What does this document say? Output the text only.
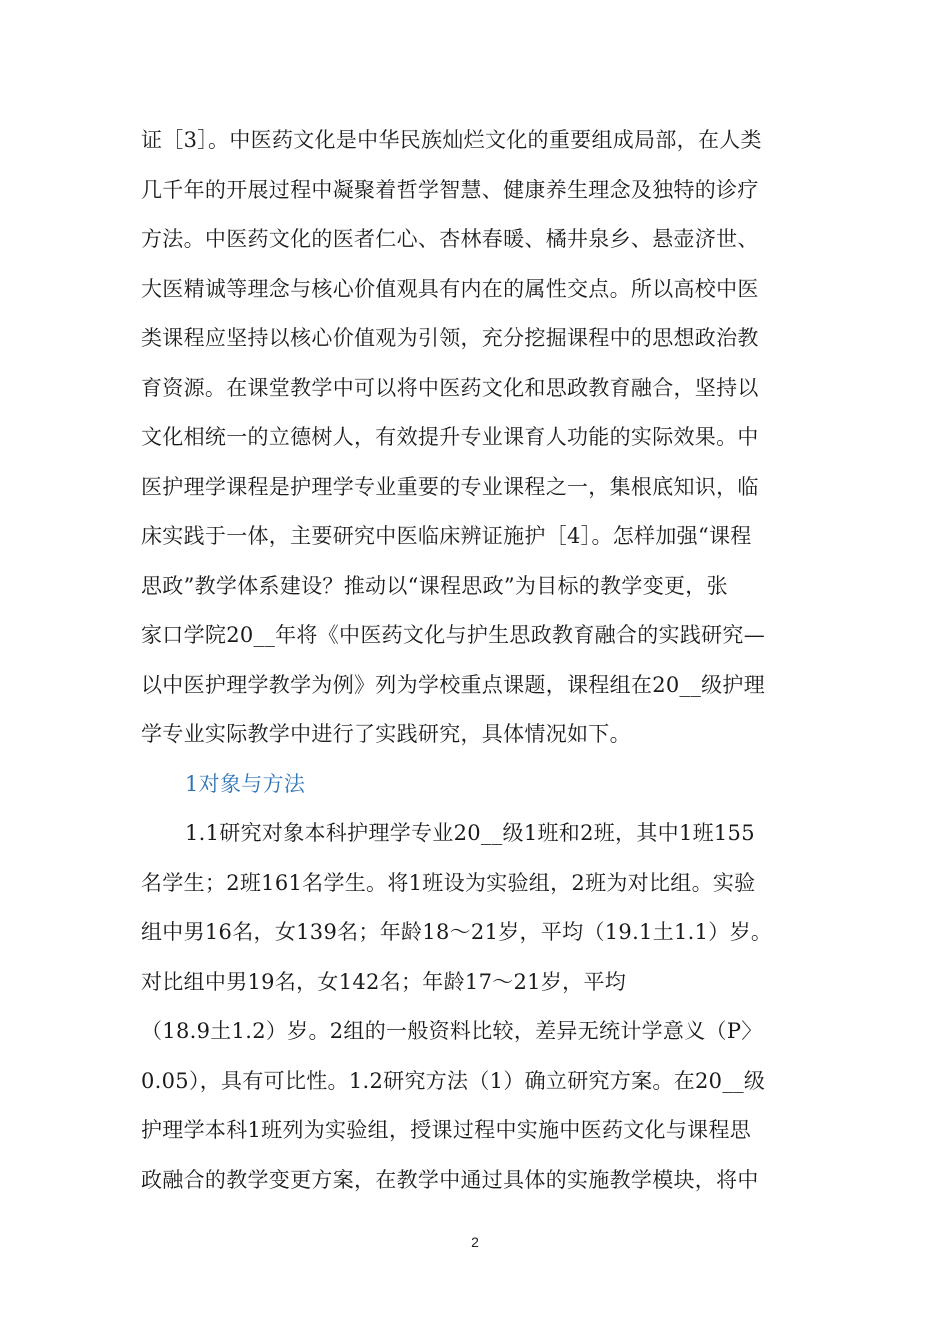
证［3］。中医药文化是中华民族灿烂文化的重要组成局部，在人类
几千年的开展过程中凝聚着哲学智慧、健康养生理念及独特的诊疗
方法。中医药文化的医者仁心、杏林春暖、橘井泉乡、悬壶济世、
大医精诚等理念与核心价值观具有内在的属性交点。所以高校中医
类课程应坚持以核心价值观为引领，充分挖掘课程中的思想政治教
育资源。在课堂教学中可以将中医药文化和思政教育融合，坚持以
文化相统一的立德树人，有效提升专业课育人功能的实际效果。中
医护理学课程是护理学专业重要的专业课程之一，集根底知识，临
床实践于一体，主要研究中医临床辨证施护［4］。怎样加强“课程
思政”教学体系建设？推动以“课程思政”为目标的教学变更，张
家口学院20__年将《中医药文化与护生思政教育融合的实践研究—
以中医护理学教学为例》列为学校重点课题，课程组在20__级护理
学专业实际教学中进行了实践研究，具体情况如下。
1对象与方法
1.1研究对象本科护理学专业20__级1班和2班，其中1班155
名学生；2班161名学生。将1班设为实验组，2班为对比组。实验
组中男16名，女139名；年龄18～21岁，平均（19.1土1.1）岁。
对比组中男19名，女142名；年龄17～21岁，平均
（18.9土1.2）岁。2组的一般资料比较，差异无统计学意义（P〉
0.05），具有可比性。1.2研究方法（1）确立研究方案。在20__级
护理学本科1班列为实验组，授课过程中实施中医药文化与课程思
政融合的教学变更方案，在教学中通过具体的实施教学模块，将中
2
